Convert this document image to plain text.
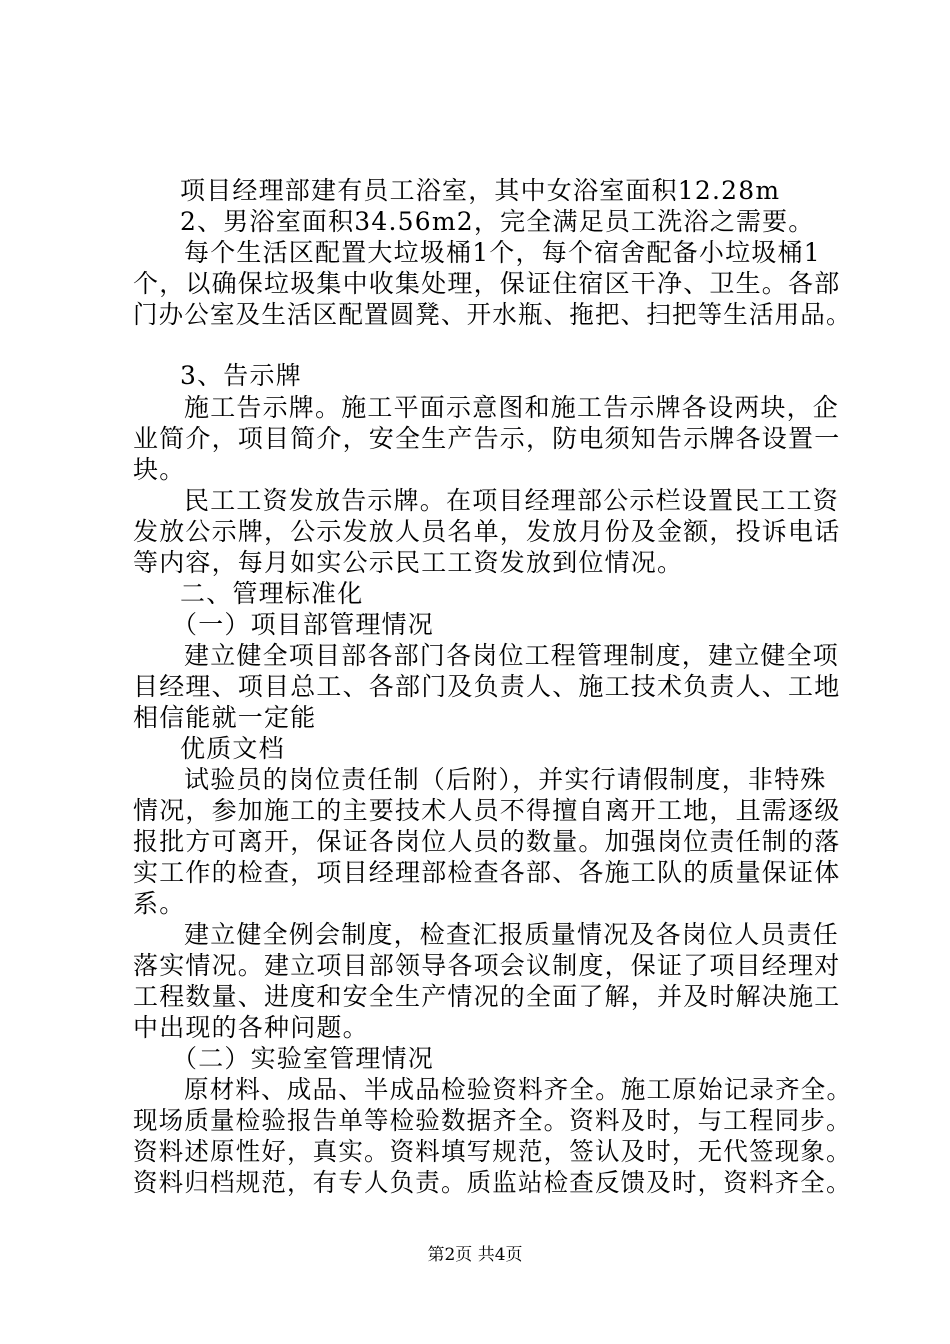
项目经理部建有员工浴室，其中女浴室面积12.28m
2、男浴室面积34.56m2，完全满足员工洗浴之需要。
每个生活区配置大垃圾桶1个，每个宿舍配备小垃圾桶1
个，以确保垃圾集中收集处理，保证住宿区干净、卫生。各部
门办公室及生活区配置圆凳、开水瓶、拖把、扫把等生活用品。
3、告示牌
施工告示牌。施工平面示意图和施工告示牌各设两块，企
业简介，项目简介，安全生产告示，防电须知告示牌各设置一
块。
民工工资发放告示牌。在项目经理部公示栏设置民工工资
发放公示牌，公示发放人员名单，发放月份及金额，投诉电话
等内容，每月如实公示民工工资发放到位情况。
二、管理标准化
（一）项目部管理情况
建立健全项目部各部门各岗位工程管理制度，建立健全项
目经理、项目总工、各部门及负责人、施工技术负责人、工地
相信能就一定能
优质文档
试验员的岗位责任制（后附），并实行请假制度，非特殊
情况，参加施工的主要技术人员不得擅自离开工地，且需逐级
报批方可离开，保证各岗位人员的数量。加强岗位责任制的落
实工作的检查，项目经理部检查各部、各施工队的质量保证体
系。
建立健全例会制度，检查汇报质量情况及各岗位人员责任
落实情况。建立项目部领导各项会议制度，保证了项目经理对
工程数量、进度和安全生产情况的全面了解，并及时解决施工
中出现的各种问题。
（二）实验室管理情况
原材料、成品、半成品检验资料齐全。施工原始记录齐全。
现场质量检验报告单等检验数据齐全。资料及时，与工程同步。
资料述原性好，真实。资料填写规范，签认及时，无代签现象。
资料归档规范，有专人负责。质监站检查反馈及时，资料齐全。
第2页 共4页
